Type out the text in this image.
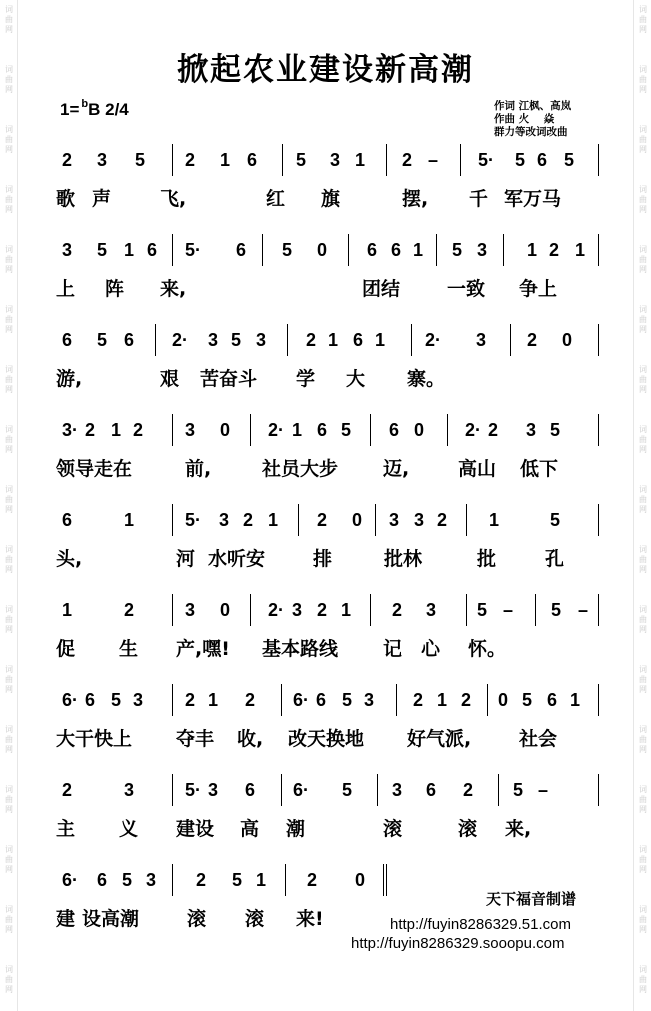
词
曲
网
词
曲
网
词
曲
网
词
曲
网
词
曲
网
词
曲
网
词
曲
网
词
曲
网
词
曲
网
词
曲
网
词
曲
网
词
曲
网
词
曲
网
词
曲
网
词
曲
网
词
曲
网
词
曲
网
词
曲
网
词
曲
网
词
曲
网
词
曲
网
词
曲
网
词
曲
网
词
曲
网
词
曲
网
词
曲
网
词
曲
网
词
曲
网
词
曲
网
词
曲
网
词
曲
网
词
曲
网
词
曲
网
词
曲
网
掀起农业建设新高潮
1= $^b$B 2/4	作词 江枫、高岚
作曲 火    焱
群力等改词改曲
2 3 5 2 1 6 5 3 1 2 – 5· 5 6 5
歌 声	飞,	红 旗	摆, 千 军万马
3 5 1 6 5· 6 5 0 6 6 1 5 3 1 2 1
上 阵 来,	团结 一致 争上
6 5 6 2· 3 5 3 2 1 6 1 2· 3 2 0
游,	艰 苦奋斗 学 大 寨。
3· 2 1 2 3 0 2· 1 6 5 6 0 2· 2 3 5
领导走在	前,	社员大步 迈,	高山 低下
6	1	5· 3 2 1 2 0 3 3 2 1	5
头,	河 水听安	排	批林	批	孔
1	2	3 0 2· 3 2 1 2 3 5 – 5 –
促 生 产,嘿! 基本路线 记 心 怀。
6· 6 5 3 2 1 2 6· 6 5 3 2 1 2 0 5 6 1
大干快上 夺丰 收, 改天换地 好气派,	社会
2	3	5· 3 6 6· 5 3 6 2 5 –
主 义 建设 高 潮	滚	滚 来,
6· 6 5 3 2 5 1 2 0
建 设高潮	滚 滚 来!
天下福音制谱
http://fuyin8286329.51.com
http://fuyin8286329.sooopu.com
